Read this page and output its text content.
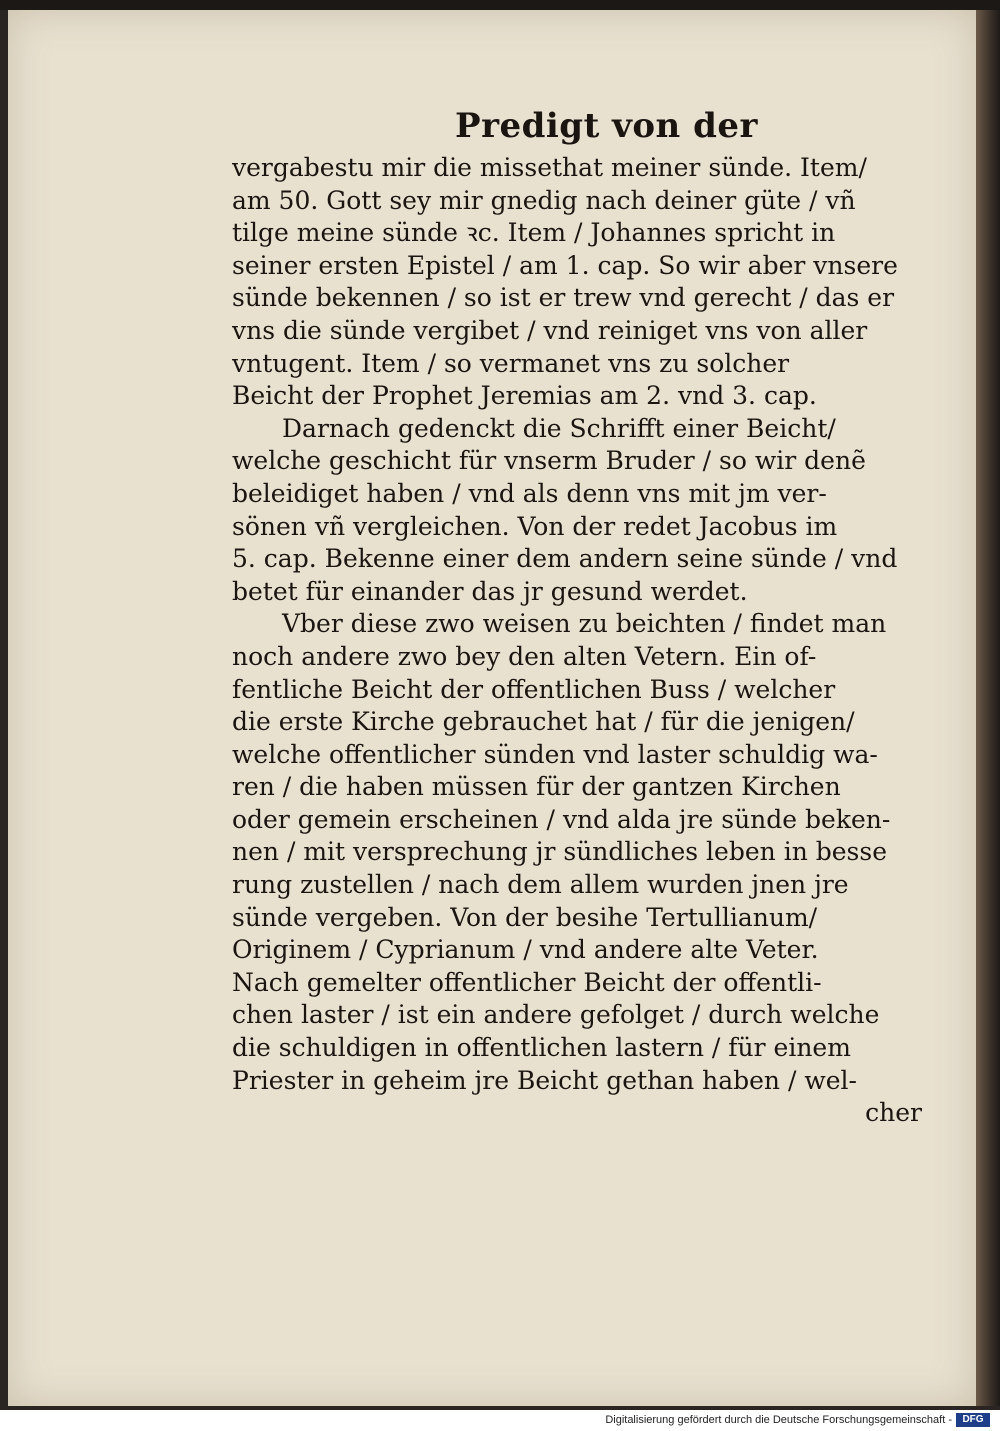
Predigt von der
vergabestu mir die missethat meiner sünde. Item/
am 50. Gott sey mir gnedig nach deiner güte / vñ
tilge meine sünde ꝛc. Item / Johannes spricht in
seiner ersten Epistel / am 1. cap. So wir aber vnsere
sünde bekennen / so ist er trew vnd gerecht / das er
vns die sünde vergibet / vnd reiniget vns von aller
vntugent. Item / so vermanet vns zu solcher
Beicht der Prophet Jeremias am 2. vnd 3. cap.
Darnach gedenckt die Schrifft einer Beicht/
welche geschicht für vnserm Bruder / so wir denẽ
beleidiget haben / vnd als denn vns mit jm ver-
sönen vñ vergleichen. Von der redet Jacobus im
5. cap. Bekenne einer dem andern seine sünde / vnd
betet für einander das jr gesund werdet.
Vber diese zwo weisen zu beichten / findet man
noch andere zwo bey den alten Vetern. Ein of-
fentliche Beicht der offentlichen Buss / welcher
die erste Kirche gebrauchet hat / für die jenigen/
welche offentlicher sünden vnd laster schuldig wa-
ren / die haben müssen für der gantzen Kirchen
oder gemein erscheinen / vnd alda jre sünde beken-
nen / mit versprechung jr sündliches leben in besse
rung zustellen / nach dem allem wurden jnen jre
sünde vergeben. Von der besihe Tertullianum/
Originem / Cyprianum / vnd andere alte Veter.
Nach gemelter offentlicher Beicht der offentli-
chen laster / ist ein andere gefolget / durch welche
die schuldigen in offentlichen lastern / für einem
Priester in geheim jre Beicht gethan haben / wel-
cher
Digitalisierung gefördert durch die Deutsche Forschungsgemeinschaft -	DFG
